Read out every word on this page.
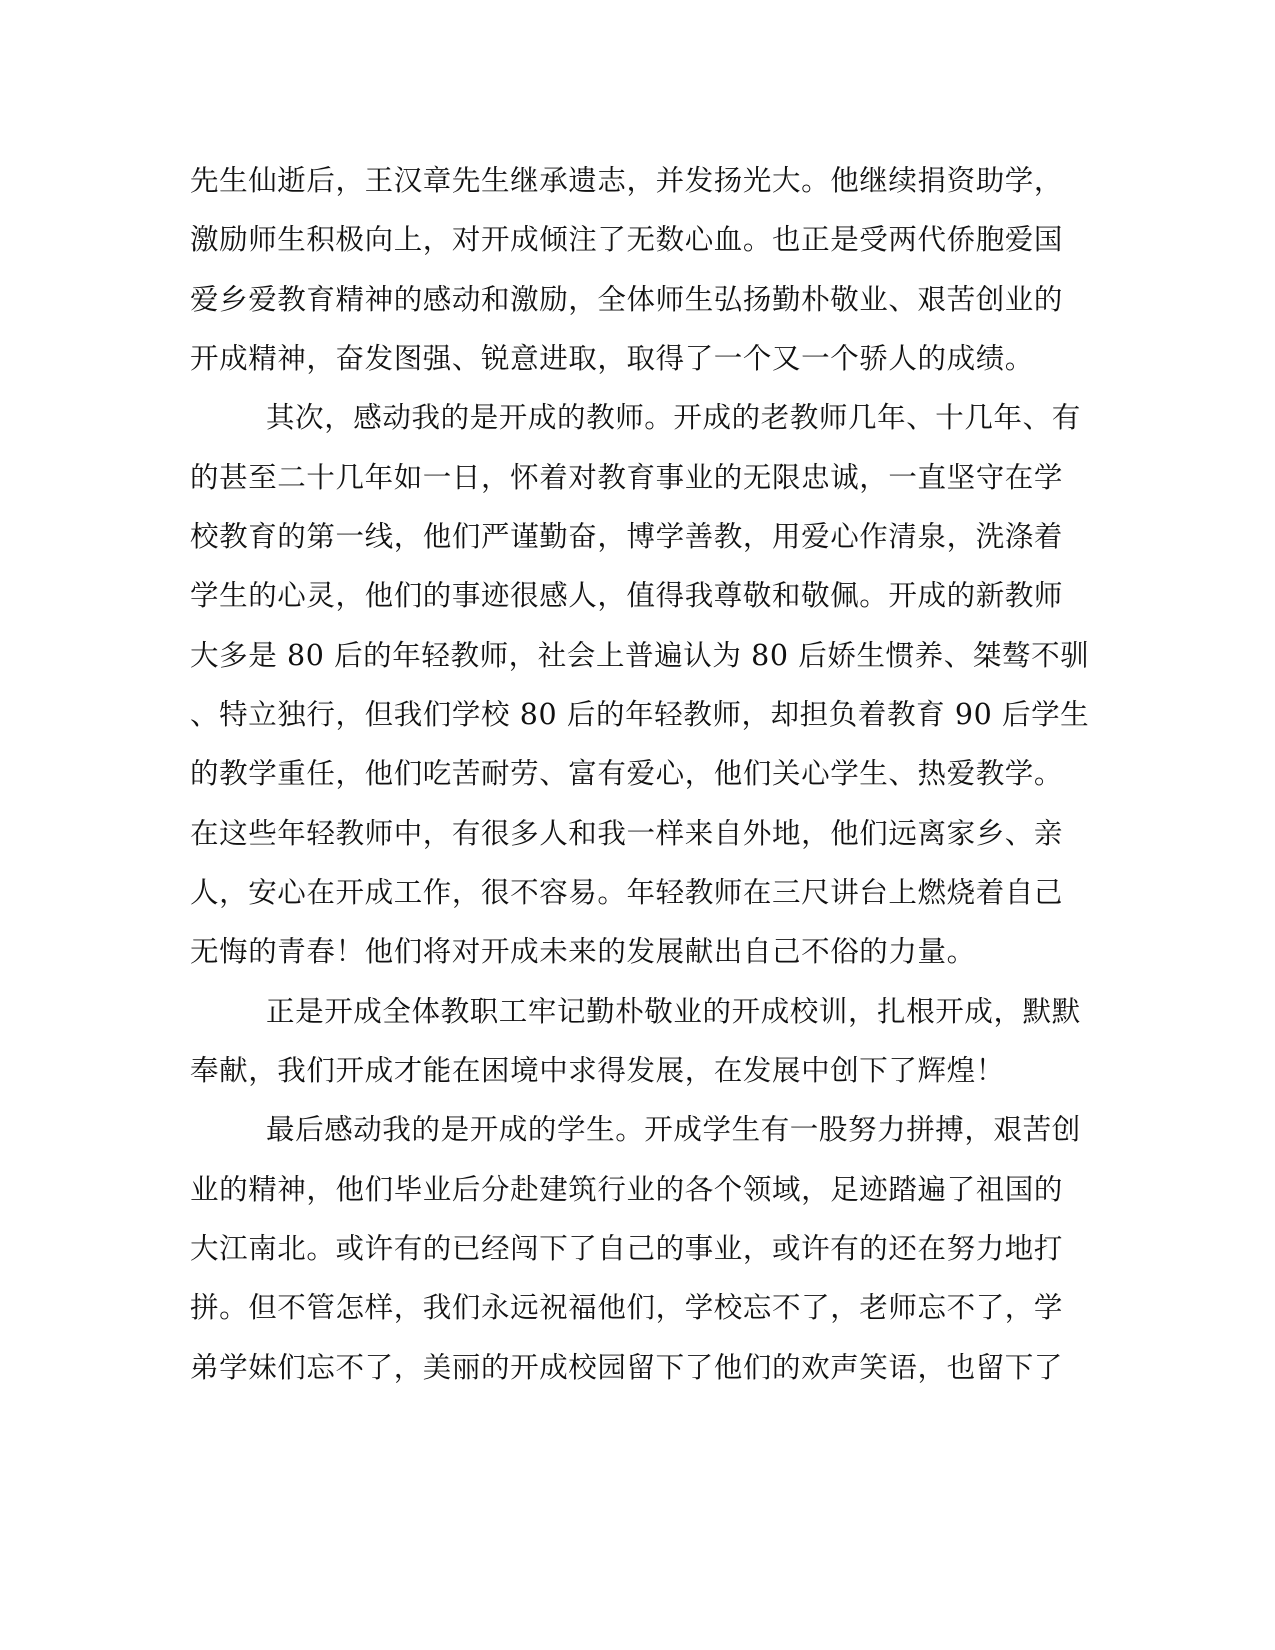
先生仙逝后，王汉章先生继承遗志，并发扬光大。他继续捐资助学，
激励师生积极向上，对开成倾注了无数心血。也正是受两代侨胞爱国
爱乡爱教育精神的感动和激励，全体师生弘扬勤朴敬业、艰苦创业的
开成精神，奋发图强、锐意进取，取得了一个又一个骄人的成绩。
其次，感动我的是开成的教师。开成的老教师几年、十几年、有
的甚至二十几年如一日，怀着对教育事业的无限忠诚，一直坚守在学
校教育的第一线，他们严谨勤奋，博学善教，用爱心作清泉，洗涤着
学生的心灵，他们的事迹很感人，值得我尊敬和敬佩。开成的新教师
大多是 80 后的年轻教师，社会上普遍认为 80 后娇生惯养、桀骜不驯
、特立独行，但我们学校 80 后的年轻教师，却担负着教育 90 后学生
的教学重任，他们吃苦耐劳、富有爱心，他们关心学生、热爱教学。
在这些年轻教师中，有很多人和我一样来自外地，他们远离家乡、亲
人，安心在开成工作，很不容易。年轻教师在三尺讲台上燃烧着自己
无悔的青春！他们将对开成未来的发展献出自己不俗的力量。
正是开成全体教职工牢记勤朴敬业的开成校训，扎根开成，默默
奉献，我们开成才能在困境中求得发展，在发展中创下了辉煌！
最后感动我的是开成的学生。开成学生有一股努力拼搏，艰苦创
业的精神，他们毕业后分赴建筑行业的各个领域，足迹踏遍了祖国的
大江南北。或许有的已经闯下了自己的事业，或许有的还在努力地打
拼。但不管怎样，我们永远祝福他们，学校忘不了，老师忘不了，学
弟学妹们忘不了，美丽的开成校园留下了他们的欢声笑语，也留下了
